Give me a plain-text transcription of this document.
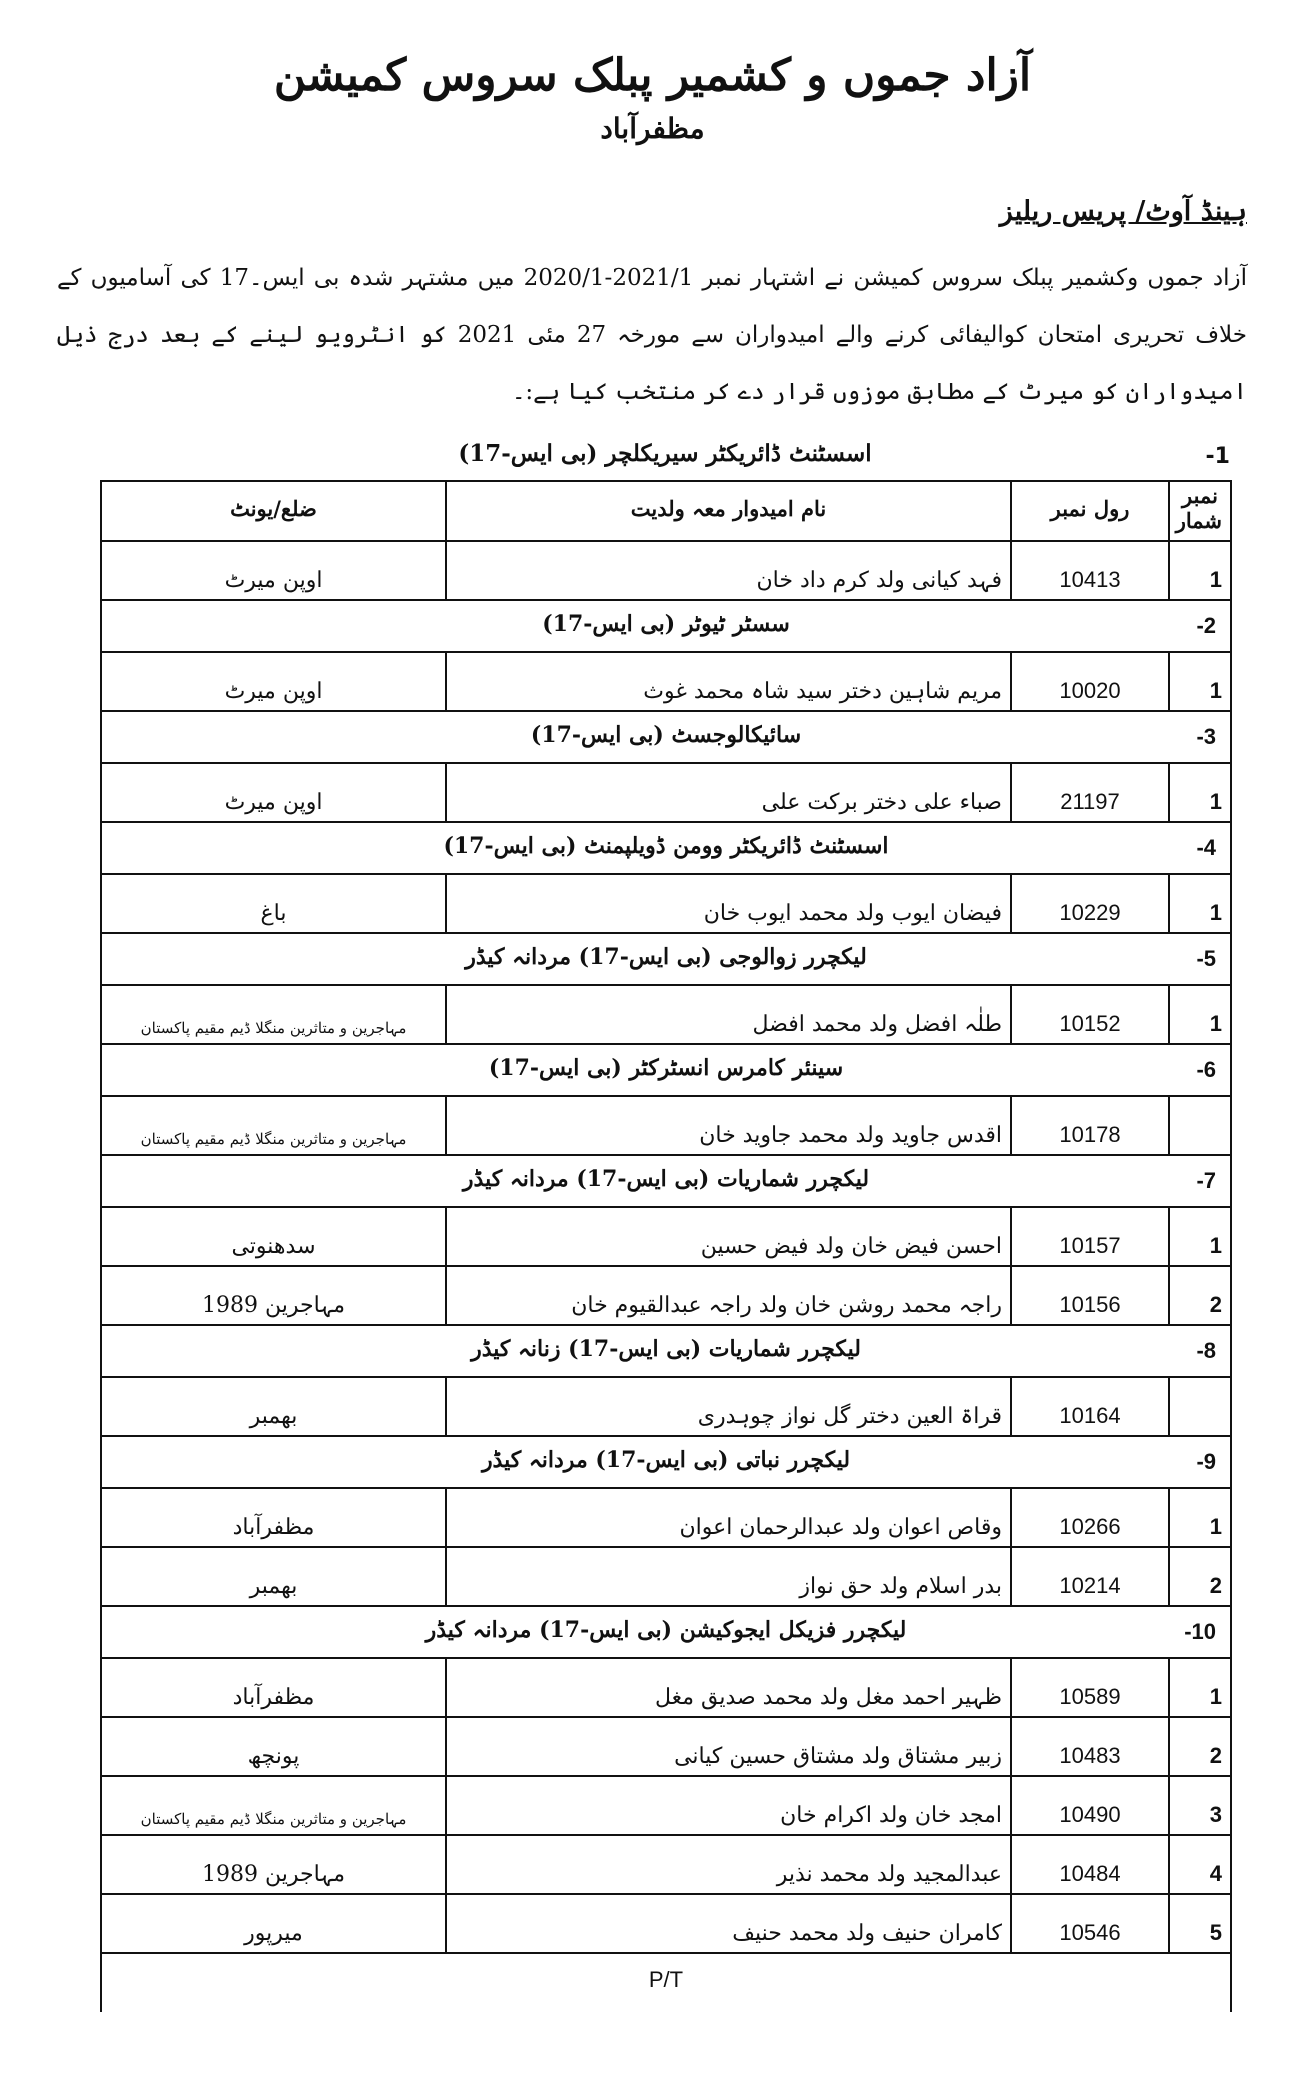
آزاد جموں و کشمیر پبلک سروس کمیشن
مظفرآباد
ہینڈ آوٹ/ پریس ریلیز
آزاد جموں وکشمیر پبلک سروس کمیشن نے اشتہار نمبر 2021/1-2020/1 میں مشتہر شدہ بی ایس۔17 کی آسامیوں کے خلاف تحریری امتحان کوالیفائی کرنے والے امیدواران سے مورخہ 27 مئی 2021 کو انٹرویو لینے کے بعد درج ذیل امیدواران کو میرٹ کے مطابق موزوں قرار دے کر منتخب کیا ہے:۔
-1
اسسٹنٹ ڈائریکٹر سیریکلچر (بی ایس-17)
نمبر شمار	رول نمبر	نام امیدوار معہ ولدیت	ضلع/یونٹ
1	10413	فہد کیانی ولد کرم داد خان	اوپن میرٹ

-2
سسٹر ٹیوٹر (بی ایس-17)			

1	10020	مریم شاہین دختر سید شاہ محمد غوث	اوپن میرٹ

-3
سائیکالوجسٹ (بی ایس-17)			

1	21197	صباء علی دختر برکت علی	اوپن میرٹ

-4
اسسٹنٹ ڈائریکٹر وومن ڈویلپمنٹ (بی ایس-17)			

1	10229	فیضان ایوب ولد محمد ایوب خان	باغ

-5
لیکچرر زوالوجی (بی ایس-17) مردانہ کیڈر			

1	10152	طلٰہ افضل ولد محمد افضل	مہاجرین و متاثرین منگلا ڈیم مقیم پاکستان

-6
سینئر کامرس انسٹرکٹر (بی ایس-17)			

	10178	اقدس جاوید ولد محمد جاوید خان	مہاجرین و متاثرین منگلا ڈیم مقیم پاکستان

-7
لیکچرر شماریات (بی ایس-17) مردانہ کیڈر			

1	10157	احسن فیض خان ولد فیض حسین	سدھنوتی
2	10156	راجہ محمد روشن خان ولد راجہ عبدالقیوم خان	مہاجرین 1989

-8
لیکچرر شماریات (بی ایس-17) زنانہ کیڈر			

	10164	قراۃ العین دختر گل نواز چوہدری	بھمبر

-9
لیکچرر نباتی (بی ایس-17) مردانہ کیڈر			

1	10266	وقاص اعوان ولد عبدالرحمان اعوان	مظفرآباد
2	10214	بدر اسلام ولد حق نواز	بھمبر

-10
لیکچرر فزیکل ایجوکیشن (بی ایس-17) مردانہ کیڈر			

1	10589	ظہیر احمد مغل ولد محمد صدیق مغل	مظفرآباد
2	10483	زبیر مشتاق ولد مشتاق حسین کیانی	پونچھ
3	10490	امجد خان ولد اکرام خان	مہاجرین و متاثرین منگلا ڈیم مقیم پاکستان
4	10484	عبدالمجید ولد محمد نذیر	مہاجرین 1989
5	10546	کامران حنیف ولد محمد حنیف	میرپور
P/T			
